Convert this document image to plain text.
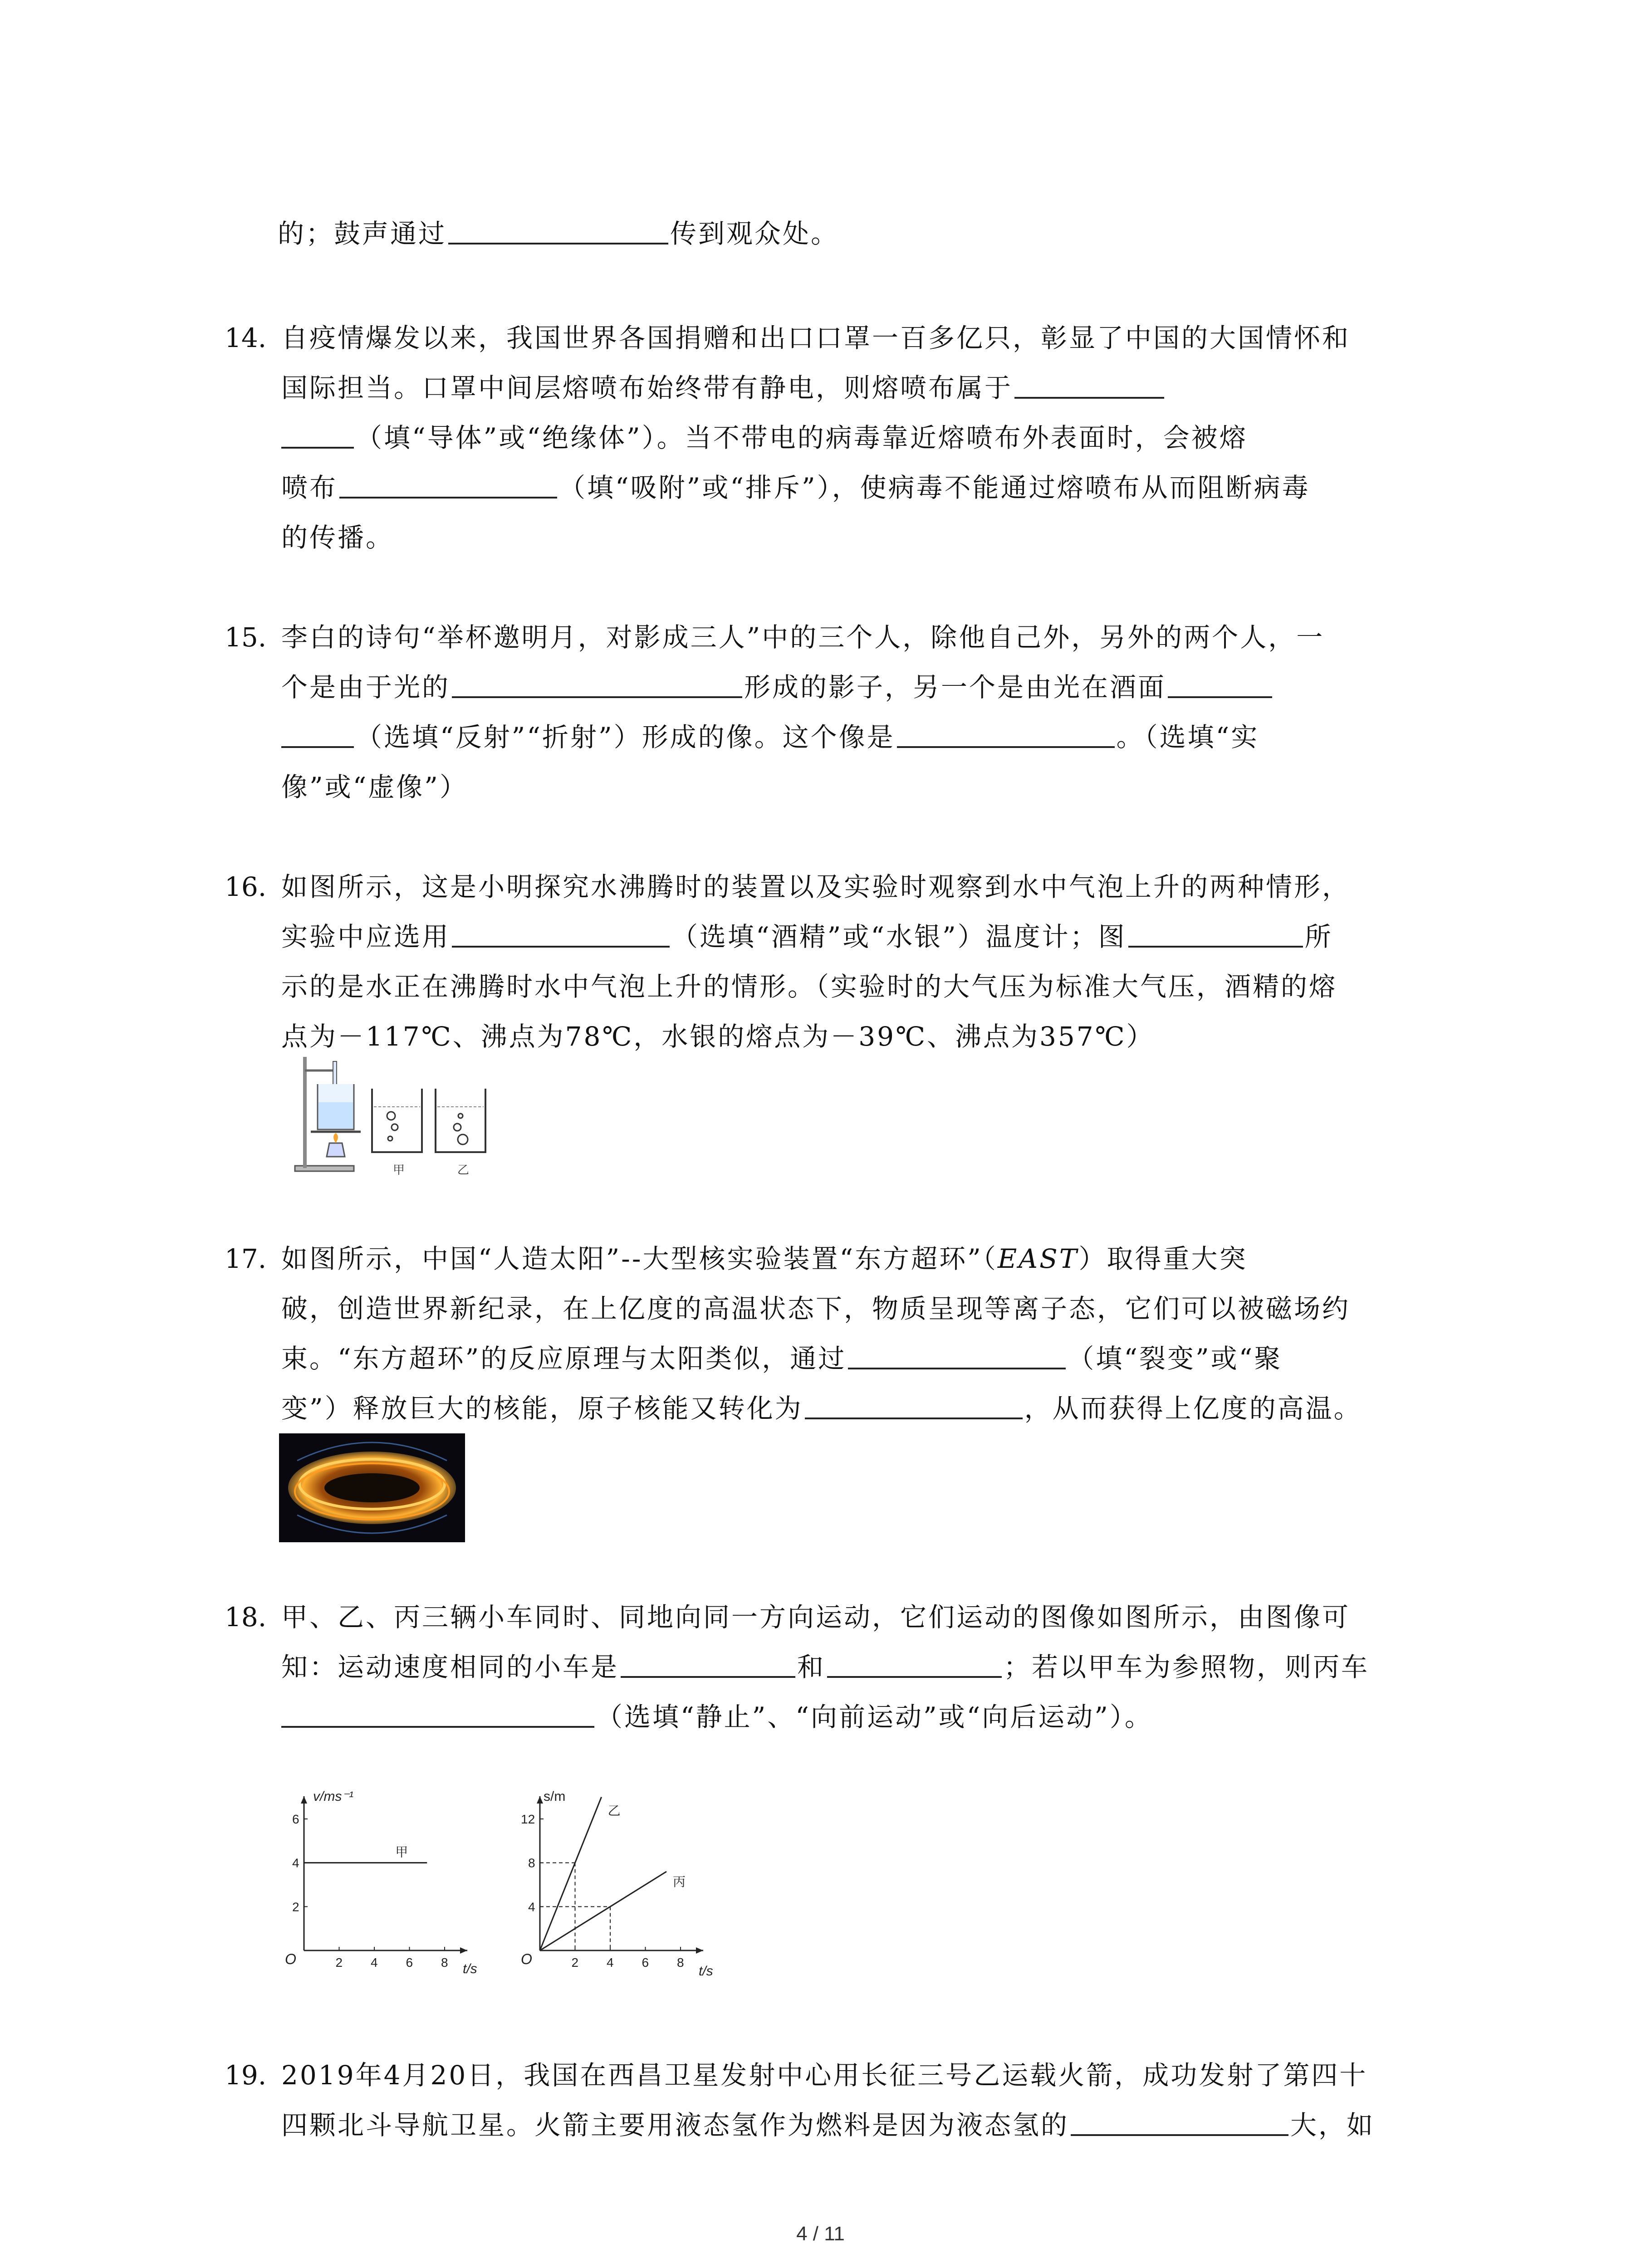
的；鼓声通过	传到观众处。
14. 自疫情爆发以来，我国世界各国捐赠和出口口罩一百多亿只，彰显了中国的大国情怀和
国际担当。口罩中间层熔喷布始终带有静电，则熔喷布属于
（填“导体”或“绝缘体”）。当不带电的病毒靠近熔喷布外表面时，会被熔
喷布	（填“吸附”或“排斥”），使病毒不能通过熔喷布从而阻断病毒
的传播。
15. 李白的诗句“举杯邀明月，对影成三人”中的三个人，除他自己外，另外的两个人，一
个是由于光的	形成的影子，另一个是由光在酒面
（选填“反射”“折射”）形成的像。这个像是	。（选填“实
像”或“虚像”）
16. 如图所示，这是小明探究水沸腾时的装置以及实验时观察到水中气泡上升的两种情形，
实验中应选用	（选填“酒精”或“水银”）温度计；图	所
示的是水正在沸腾时水中气泡上升的情形。（实验时的大气压为标准大气压，酒精的熔
点为－117℃、沸点为78℃，水银的熔点为－39℃、沸点为357℃）
甲	乙
17. 如图所示，中国“人造太阳”--大型核实验装置“东方超环”（EAST）取得重大突
破，创造世界新纪录，在上亿度的高温状态下，物质呈现等离子态，它们可以被磁场约
束。“东方超环”的反应原理与太阳类似，通过	（填“裂变”或“聚
变”）释放巨大的核能，原子核能又转化为	，从而获得上亿度的高温。
18. 甲、乙、丙三辆小车同时、同地向同一方向运动，它们运动的图像如图所示，由图像可
知：运动速度相同的小车是	和	；若以甲车为参照物，则丙车
（选填“静止”、“向前运动”或“向后运动”）。
2 4 6 8
2
4
6
甲
v/ms⁻¹
t/s
O	2 4 6 8
4
8
12
乙
丙
s/m
t/s
O
19. 2019年4月20日，我国在西昌卫星发射中心用长征三号乙运载火箭，成功发射了第四十
四颗北斗导航卫星。火箭主要用液态氢作为燃料是因为液态氢的	大，如
4 / 11
